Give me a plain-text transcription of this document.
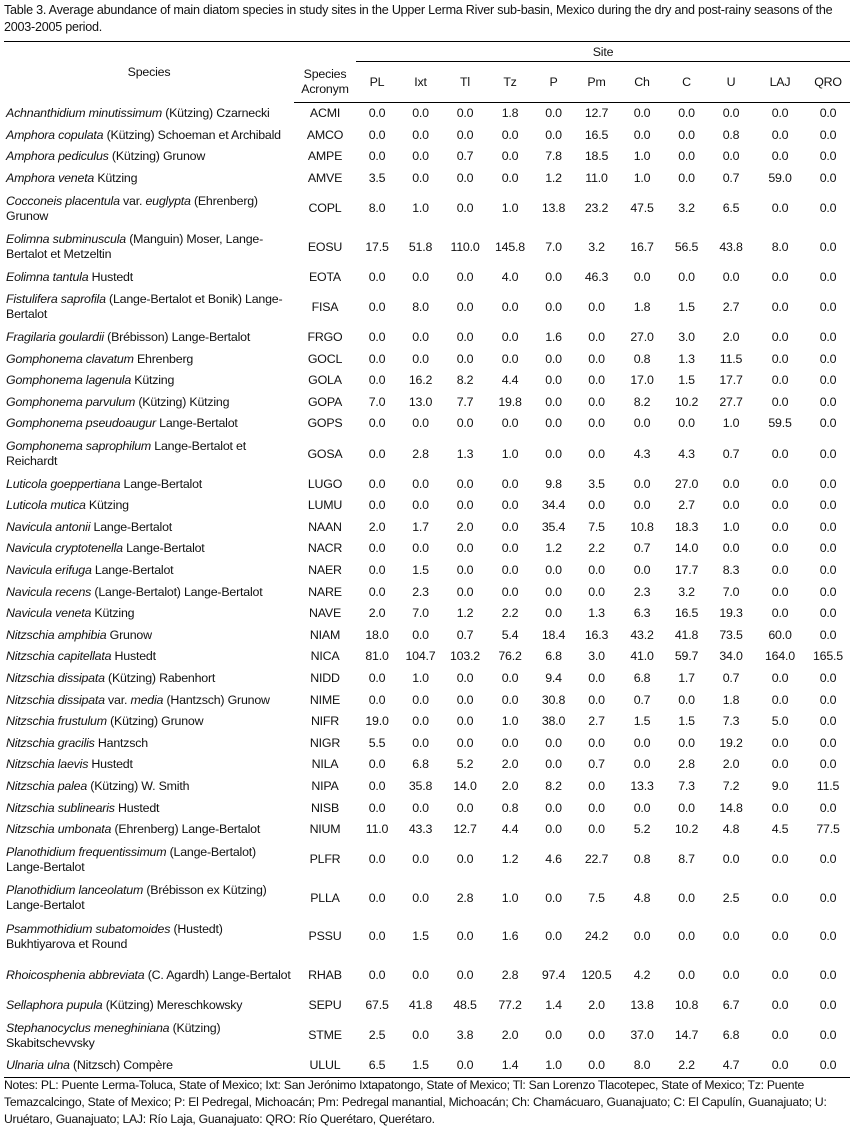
Table 3. Average abundance of main diatom species in study sites in the Upper Lerma River sub-basin, Mexico during the dry and post-rainy seasons of the 2003-2005 period.
Species		Site										
	Species
Acronym	PL	Ixt	Tl	Tz	P	Pm	Ch	C	U	LAJ	QRO
Achnanthidium minutissimum (Kützing) Czarnecki	ACMI	0.0	0.0	0.0	1.8	0.0	12.7	0.0	0.0	0.0	0.0	0.0
Amphora copulata (Kützing) Schoeman et Archibald	AMCO	0.0	0.0	0.0	0.0	0.0	16.5	0.0	0.0	0.8	0.0	0.0
Amphora pediculus (Kützing) Grunow	AMPE	0.0	0.0	0.7	0.0	7.8	18.5	1.0	0.0	0.0	0.0	0.0
Amphora veneta Kützing	AMVE	3.5	0.0	0.0	0.0	1.2	11.0	1.0	0.0	0.7	59.0	0.0
Cocconeis placentula var. euglypta (Ehrenberg) Grunow	COPL	8.0	1.0	0.0	1.0	13.8	23.2	47.5	3.2	6.5	0.0	0.0
Eolimna subminuscula (Manguin) Moser, Lange-Bertalot et Metzeltin	EOSU	17.5	51.8	110.0	145.8	7.0	3.2	16.7	56.5	43.8	8.0	0.0
Eolimna tantula Hustedt	EOTA	0.0	0.0	0.0	4.0	0.0	46.3	0.0	0.0	0.0	0.0	0.0
Fistulifera saprofila (Lange-Bertalot et Bonik) Lange-Bertalot	FISA	0.0	8.0	0.0	0.0	0.0	0.0	1.8	1.5	2.7	0.0	0.0
Fragilaria goulardii (Brébisson) Lange-Bertalot	FRGO	0.0	0.0	0.0	0.0	1.6	0.0	27.0	3.0	2.0	0.0	0.0
Gomphonema clavatum Ehrenberg	GOCL	0.0	0.0	0.0	0.0	0.0	0.0	0.8	1.3	11.5	0.0	0.0
Gomphonema lagenula Kützing	GOLA	0.0	16.2	8.2	4.4	0.0	0.0	17.0	1.5	17.7	0.0	0.0
Gomphonema parvulum (Kützing) Kützing	GOPA	7.0	13.0	7.7	19.8	0.0	0.0	8.2	10.2	27.7	0.0	0.0
Gomphonema pseudoaugur Lange-Bertalot	GOPS	0.0	0.0	0.0	0.0	0.0	0.0	0.0	0.0	1.0	59.5	0.0
Gomphonema saprophilum Lange-Bertalot et Reichardt	GOSA	0.0	2.8	1.3	1.0	0.0	0.0	4.3	4.3	0.7	0.0	0.0
Luticola goeppertiana Lange-Bertalot	LUGO	0.0	0.0	0.0	0.0	9.8	3.5	0.0	27.0	0.0	0.0	0.0
Luticola mutica Kützing	LUMU	0.0	0.0	0.0	0.0	34.4	0.0	0.0	2.7	0.0	0.0	0.0
Navicula antonii Lange-Bertalot	NAAN	2.0	1.7	2.0	0.0	35.4	7.5	10.8	18.3	1.0	0.0	0.0
Navicula cryptotenella Lange-Bertalot	NACR	0.0	0.0	0.0	0.0	1.2	2.2	0.7	14.0	0.0	0.0	0.0
Navicula erifuga Lange-Bertalot	NAER	0.0	1.5	0.0	0.0	0.0	0.0	0.0	17.7	8.3	0.0	0.0
Navicula recens (Lange-Bertalot) Lange-Bertalot	NARE	0.0	2.3	0.0	0.0	0.0	0.0	2.3	3.2	7.0	0.0	0.0
Navicula veneta Kützing	NAVE	2.0	7.0	1.2	2.2	0.0	1.3	6.3	16.5	19.3	0.0	0.0
Nitzschia amphibia Grunow	NIAM	18.0	0.0	0.7	5.4	18.4	16.3	43.2	41.8	73.5	60.0	0.0
Nitzschia capitellata Hustedt	NICA	81.0	104.7	103.2	76.2	6.8	3.0	41.0	59.7	34.0	164.0	165.5
Nitzschia dissipata (Kützing) Rabenhort	NIDD	0.0	1.0	0.0	0.0	9.4	0.0	6.8	1.7	0.7	0.0	0.0
Nitzschia dissipata var. media (Hantzsch) Grunow	NIME	0.0	0.0	0.0	0.0	30.8	0.0	0.7	0.0	1.8	0.0	0.0
Nitzschia frustulum (Kützing) Grunow	NIFR	19.0	0.0	0.0	1.0	38.0	2.7	1.5	1.5	7.3	5.0	0.0
Nitzschia gracilis Hantzsch	NIGR	5.5	0.0	0.0	0.0	0.0	0.0	0.0	0.0	19.2	0.0	0.0
Nitzschia laevis Hustedt	NILA	0.0	6.8	5.2	2.0	0.0	0.7	0.0	2.8	2.0	0.0	0.0
Nitzschia palea (Kützing) W. Smith	NIPA	0.0	35.8	14.0	2.0	8.2	0.0	13.3	7.3	7.2	9.0	11.5
Nitzschia sublinearis Hustedt	NISB	0.0	0.0	0.0	0.8	0.0	0.0	0.0	0.0	14.8	0.0	0.0
Nitzschia umbonata (Ehrenberg) Lange-Bertalot	NIUM	11.0	43.3	12.7	4.4	0.0	0.0	5.2	10.2	4.8	4.5	77.5
Planothidium frequentissimum (Lange-Bertalot) Lange-Bertalot	PLFR	0.0	0.0	0.0	1.2	4.6	22.7	0.8	8.7	0.0	0.0	0.0
Planothidium lanceolatum (Brébisson ex Kützing) Lange-Bertalot	PLLA	0.0	0.0	2.8	1.0	0.0	7.5	4.8	0.0	2.5	0.0	0.0
Psammothidium subatomoides (Hustedt) Bukhtiyarova et Round	PSSU	0.0	1.5	0.0	1.6	0.0	24.2	0.0	0.0	0.0	0.0	0.0
Rhoicosphenia abbreviata (C. Agardh) Lange-Bertalot	RHAB	0.0	0.0	0.0	2.8	97.4	120.5	4.2	0.0	0.0	0.0	0.0
Sellaphora pupula (Kützing) Mereschkowsky	SEPU	67.5	41.8	48.5	77.2	1.4	2.0	13.8	10.8	6.7	0.0	0.0
Stephanocyclus meneghiniana (Kützing) Skabitschevvsky	STME	2.5	0.0	3.8	2.0	0.0	0.0	37.0	14.7	6.8	0.0	0.0
Ulnaria ulna (Nitzsch) Compère	ULUL	6.5	1.5	0.0	1.4	1.0	0.0	8.0	2.2	4.7	0.0	0.0
Notes: PL: Puente Lerma-Toluca, State of Mexico; Ixt: San Jerónimo Ixtapatongo, State of Mexico; Tl: San Lorenzo Tlacotepec, State of Mexico; Tz: Puente Temazcalcingo, State of Mexico; P: El Pedregal, Michoacán; Pm: Pedregal manantial, Michoacán; Ch: Chamácuaro, Guanajuato; C: El Capulín, Guanajuato; U: Uruétaro, Guanajuato; LAJ: Río Laja, Guanajuato: QRO: Río Querétaro, Querétaro.
